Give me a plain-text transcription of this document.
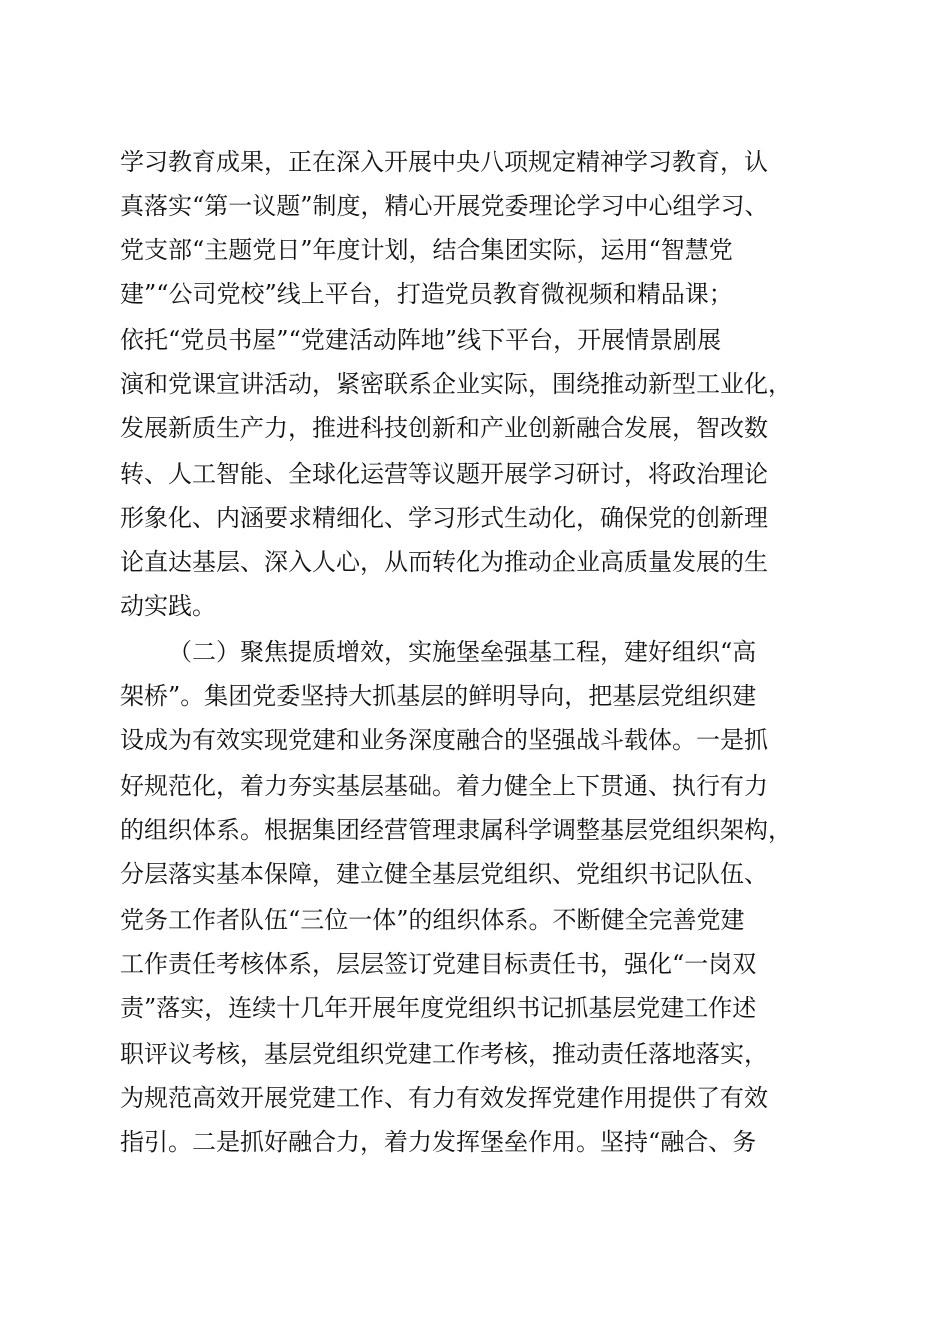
学习教育成果，正在深入开展中央八项规定精神学习教育，认
真落实“第一议题”制度，精心开展党委理论学习中心组学习、
党支部“主题党日”年度计划，结合集团实际，运用“智慧党
建”“公司党校”线上平台，打造党员教育微视频和精品课；
依托“党员书屋”“党建活动阵地”线下平台，开展情景剧展
演和党课宣讲活动，紧密联系企业实际，围绕推动新型工业化，
发展新质生产力，推进科技创新和产业创新融合发展，智改数
转、人工智能、全球化运营等议题开展学习研讨，将政治理论
形象化、内涵要求精细化、学习形式生动化，确保党的创新理
论直达基层、深入人心，从而转化为推动企业高质量发展的生
动实践。
（二）聚焦提质增效，实施堡垒强基工程，建好组织“高
架桥”。集团党委坚持大抓基层的鲜明导向，把基层党组织建
设成为有效实现党建和业务深度融合的坚强战斗载体。一是抓
好规范化，着力夯实基层基础。着力健全上下贯通、执行有力
的组织体系。根据集团经营管理隶属科学调整基层党组织架构，
分层落实基本保障，建立健全基层党组织、党组织书记队伍、
党务工作者队伍“三位一体”的组织体系。不断健全完善党建
工作责任考核体系，层层签订党建目标责任书，强化“一岗双
责”落实，连续十几年开展年度党组织书记抓基层党建工作述
职评议考核，基层党组织党建工作考核，推动责任落地落实，
为规范高效开展党建工作、有力有效发挥党建作用提供了有效
指引。二是抓好融合力，着力发挥堡垒作用。坚持“融合、务
